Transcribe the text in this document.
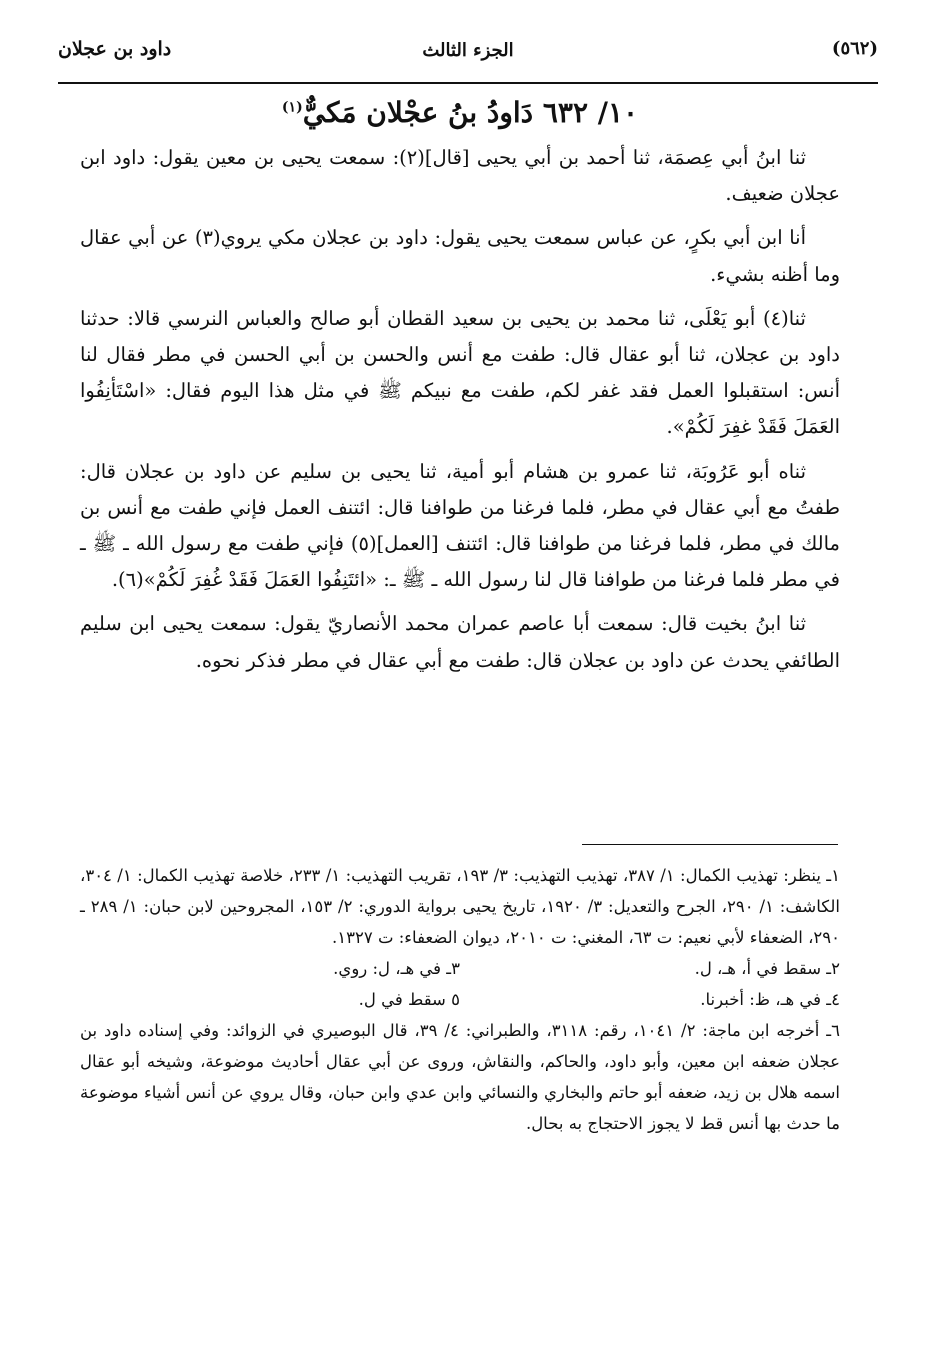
(٥٦٢)
الجزء الثالث
داود بن عجلان
١٠/ ٦٣٢ دَاودُ بنُ عجْلان مَكيٌّ$^{(١)}$

ثنا ابنُ أبي عِصمَة، ثنا أحمد بن أبي يحيى [قال](٢): سمعت يحيى بن معين يقول: داود ابن عجلان ضعيف.

أنا ابن أبي بكرٍ، عن عباس سمعت يحيى يقول: داود بن عجلان مكي يروي(٣) عن أبي عقال وما أظنه بشيء.

ثنا(٤) أبو يَعْلَى، ثنا محمد بن يحيى بن سعيد القطان أبو صالح والعباس النرسي قالا: حدثنا داود بن عجلان، ثنا أبو عقال قال: طفت مع أنس والحسن بن أبي الحسن في مطر فقال لنا أنس: استقبلوا العمل فقد غفر لكم، طفت مع نبيكم ﷺ في مثل هذا اليوم فقال: «اسْتَأنِفُوا العَمَلَ فَقَدْ غفِرَ لَكُمْ».

ثناه أبو عَرُوبَة، ثنا عمرو بن هشام أبو أمية، ثنا يحيى بن سليم عن داود بن عجلان قال: طفتُ مع أبي عقال في مطر، فلما فرغنا من طوافنا قال: ائتنف العمل فإني طفت مع أنس بن مالك في مطر، فلما فرغنا من طوافنا قال: ائتنف [العمل](٥) فإني طفت مع رسول الله ـ ﷺ ـ في مطر فلما فرغنا من طوافنا قال لنا رسول الله ـ ﷺ ـ: «ائتَنِفُوا العَمَلَ فَقَدْ غُفِرَ لَكُمْ»(٦).

ثنا ابنُ بخيت قال: سمعت أبا عاصم عمران محمد الأنصاريّ يقول: سمعت يحيى ابن سليم الطائفي يحدث عن داود بن عجلان قال: طفت مع أبي عقال في مطر فذكر نحوه.

١ـ ينظر: تهذيب الكمال: ١/ ٣٨٧، تهذيب التهذيب: ٣/ ١٩٣، تقريب التهذيب: ١/ ٢٣٣، خلاصة تهذيب الكمال: ١/ ٣٠٤، الكاشف: ١/ ٢٩٠، الجرح والتعديل: ٣/ ١٩٢٠، تاريخ يحيى برواية الدوري: ٢/ ١٥٣، المجروحين لابن حبان: ١/ ٢٨٩ ـ ٢٩٠، الضعفاء لأبي نعيم: ت ٦٣، المغني: ت ٢٠١٠، ديوان الضعفاء: ت ١٣٢٧.

٢ـ سقط في أ، هـ، ل.
٣ـ في هـ، ل: روي.
٤ـ في هـ، ظ: أخبرنا.
٥ سقط في ل.

٦ـ أخرجه ابن ماجة: ٢/ ١٠٤١، رقم: ٣١١٨، والطبراني: ٤/ ٣٩، قال البوصيري في الزوائد: وفي إسناده داود بن عجلان ضعفه ابن معين، وأبو داود، والحاكم، والنقاش، وروى عن أبي عقال أحاديث موضوعة، وشيخه أبو عقال اسمه هلال بن زيد، ضعفه أبو حاتم والبخاري والنسائي وابن عدي وابن حبان، وقال يروي عن أنس أشياء موضوعة ما حدث بها أنس قط لا يجوز الاحتجاج به بحال.
